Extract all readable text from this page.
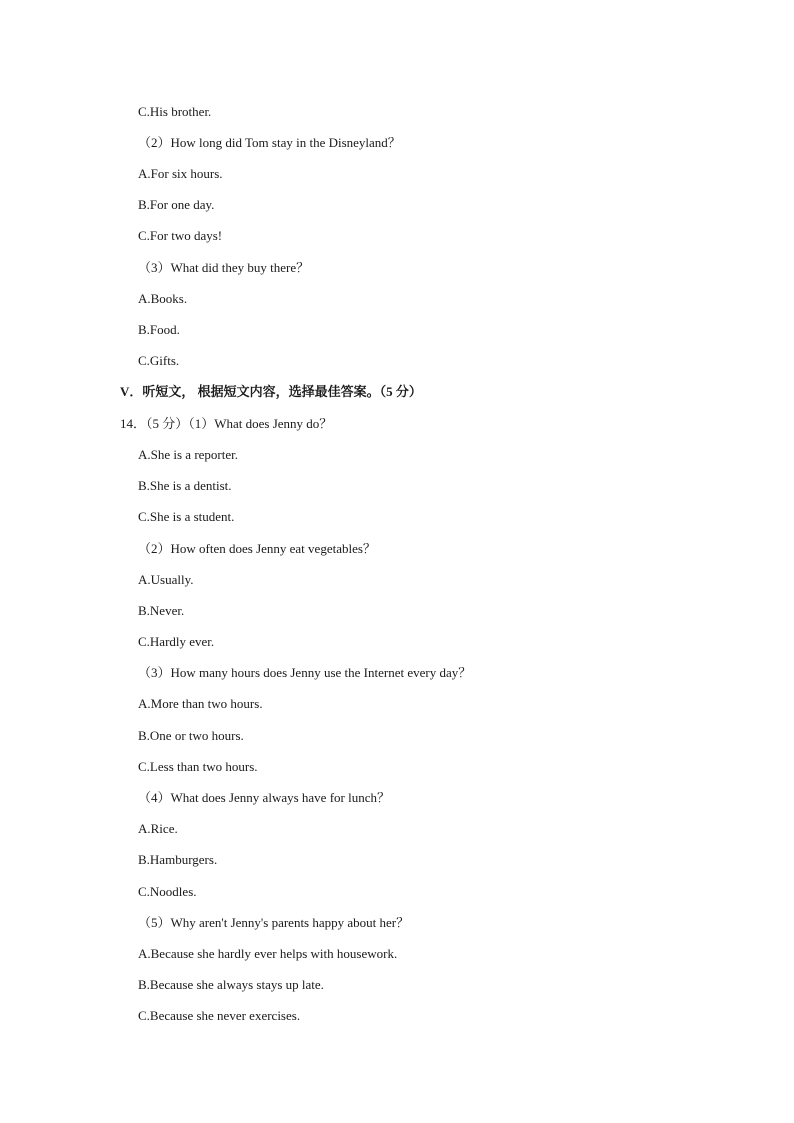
C.His brother.
（2）How long did Tom stay in the Disneyland？
A.For six hours.
B.For one day.
C.For two days!
（3）What did they buy there？
A.Books.
B.Food.
C.Gifts.
V．听短文， 根据短文内容，选择最佳答案。（5 分）
14．（5 分）（1）What does Jenny do？
A.She is a reporter.
B.She is a dentist.
C.She is a student.
（2）How often does Jenny eat vegetables？
A.Usually.
B.Never.
C.Hardly ever.
（3）How many hours does Jenny use the Internet every day？
A.More than two hours.
B.One or two hours.
C.Less than two hours.
（4）What does Jenny always have for lunch？
A.Rice.
B.Hamburgers.
C.Noodles.
（5）Why aren't Jenny's parents happy about her？
A.Because she hardly ever helps with housework.
B.Because she always stays up late.
C.Because she never exercises.
